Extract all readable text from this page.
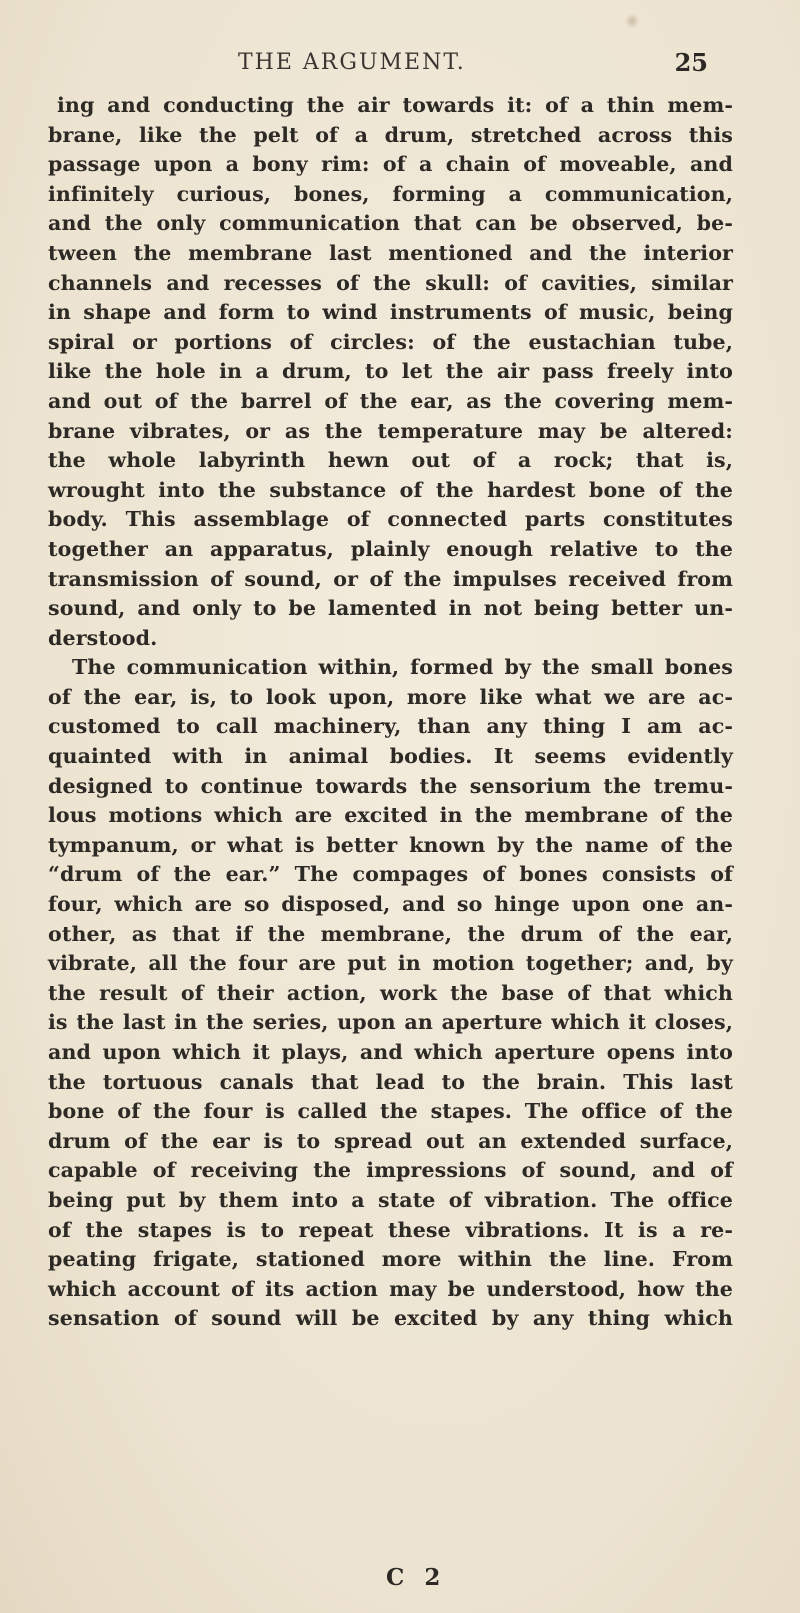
THE ARGUMENT.	25
ing and conducting the air towards it: of a thin mem-
brane, like the pelt of a drum, stretched across this
passage upon a bony rim: of a chain of moveable, and
infinitely curious, bones, forming a communication,
and the only communication that can be observed, be-
tween the membrane last mentioned and the interior
channels and recesses of the skull: of cavities, similar
in shape and form to wind instruments of music, being
spiral or portions of circles: of the eustachian tube,
like the hole in a drum, to let the air pass freely into
and out of the barrel of the ear, as the covering mem-
brane vibrates, or as the temperature may be altered:
the whole labyrinth hewn out of a rock; that is,
wrought into the substance of the hardest bone of the
body. This assemblage of connected parts constitutes
together an apparatus, plainly enough relative to the
transmission of sound, or of the impulses received from
sound, and only to be lamented in not being better un-
derstood.
The communication within, formed by the small bones
of the ear, is, to look upon, more like what we are ac-
customed to call machinery, than any thing I am ac-
quainted with in animal bodies. It seems evidently
designed to continue towards the sensorium the tremu-
lous motions which are excited in the membrane of the
tympanum, or what is better known by the name of the
“drum of the ear.” The compages of bones consists of
four, which are so disposed, and so hinge upon one an-
other, as that if the membrane, the drum of the ear,
vibrate, all the four are put in motion together; and, by
the result of their action, work the base of that which
is the last in the series, upon an aperture which it closes,
and upon which it plays, and which aperture opens into
the tortuous canals that lead to the brain. This last
bone of the four is called the stapes. The office of the
drum of the ear is to spread out an extended surface,
capable of receiving the impressions of sound, and of
being put by them into a state of vibration. The office
of the stapes is to repeat these vibrations. It is a re-
peating frigate, stationed more within the line. From
which account of its action may be understood, how the
sensation of sound will be excited by any thing which
C 2
